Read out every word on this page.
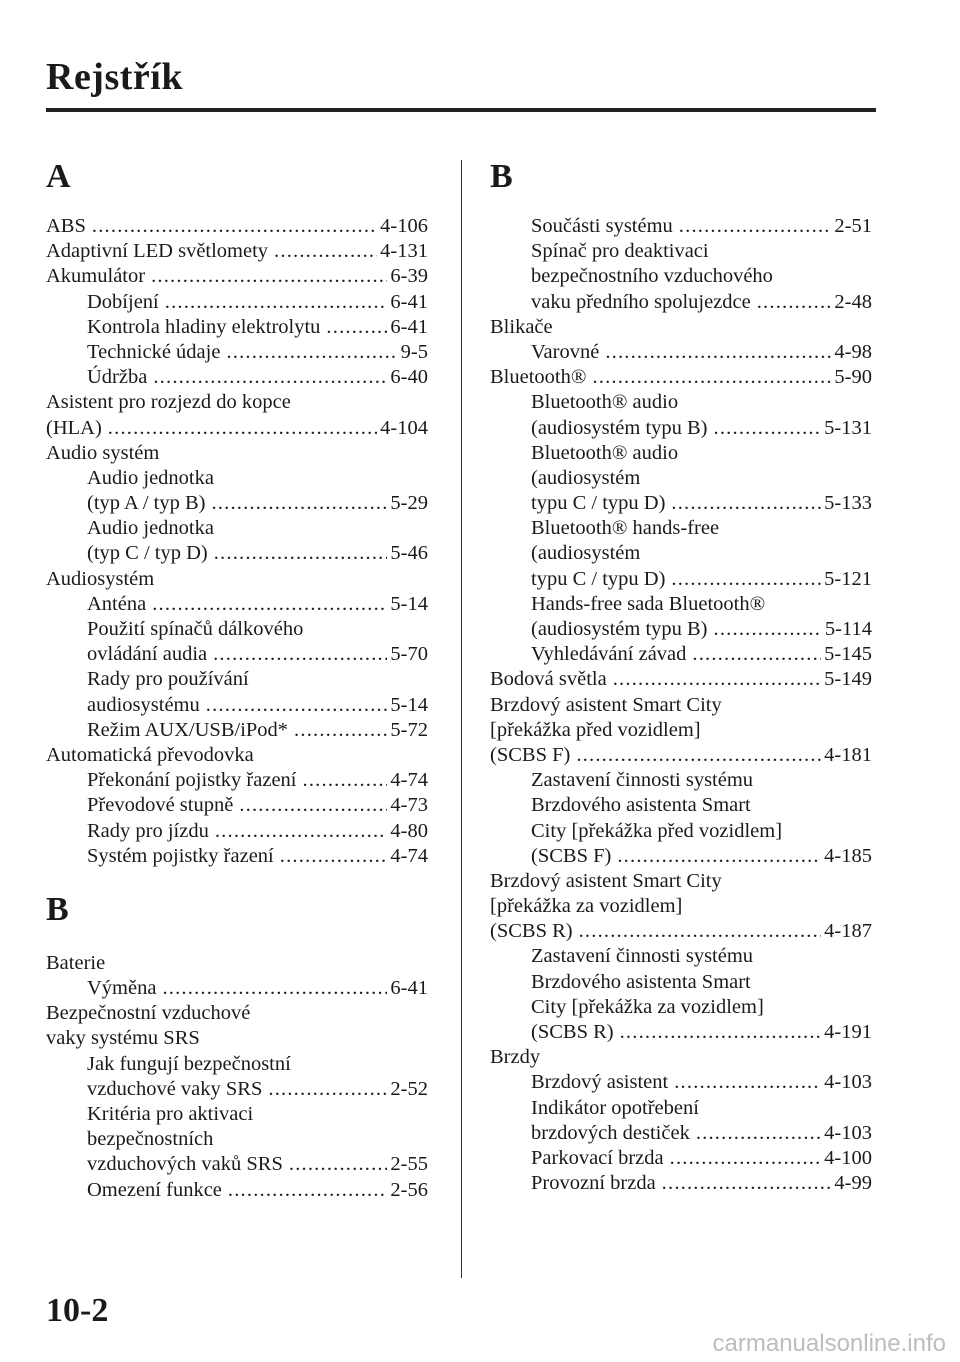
Rejstřík
A
ABS .....	4-106
Adaptivní LED světlomety .....	4-131
Akumulátor .....	6-39
Dobíjení .....	6-41
Kontrola hladiny elektrolytu .....	6-41
Technické údaje .....	9-5
Údržba .....	6-40
Asistent pro rozjezd do kopce
(HLA) .....	4-104
Audio systém
Audio jednotka
(typ A / typ B) .....	5-29
Audio jednotka
(typ C / typ D) .....	5-46
Audiosystém
Anténa .....	5-14
Použití spínačů dálkového
ovládání audia .....	5-70
Rady pro používání
audiosystému .....	5-14
Režim AUX/USB/iPod* .....	5-72
Automatická převodovka
Překonání pojistky řazení .....	4-74
Převodové stupně .....	4-73
Rady pro jízdu .....	4-80
Systém pojistky řazení .....	4-74
B
Baterie
Výměna .....	6-41
Bezpečnostní vzduchové
vaky systému SRS
Jak fungují bezpečnostní
vzduchové vaky SRS .....	2-52
Kritéria pro aktivaci
bezpečnostních
vzduchových vaků SRS .....	2-55
Omezení funkce .....	2-56
B
Součásti systému .....	2-51
Spínač pro deaktivaci
bezpečnostního vzduchového
vaku předního spolujezdce .....	2-48
Blikače
Varovné .....	4-98
Bluetooth® .....	5-90
Bluetooth® audio
(audiosystém typu B) .....	5-131
Bluetooth® audio
(audiosystém
typu C / typu D) .....	5-133
Bluetooth® hands-free
(audiosystém
typu C / typu D) .....	5-121
Hands-free sada Bluetooth®
(audiosystém typu B) .....	5-114
Vyhledávání závad .....	5-145
Bodová světla .....	5-149
Brzdový asistent Smart City
[překážka před vozidlem]
(SCBS F) .....	4-181
Zastavení činnosti systému
Brzdového asistenta Smart
City [překážka před vozidlem]
(SCBS F) .....	4-185
Brzdový asistent Smart City
[překážka za vozidlem]
(SCBS R) .....	4-187
Zastavení činnosti systému
Brzdového asistenta Smart
City [překážka za vozidlem]
(SCBS R) .....	4-191
Brzdy
Brzdový asistent .....	4-103
Indikátor opotřebení
brzdových destiček .....	4-103
Parkovací brzda .....	4-100
Provozní brzda .....	4-99
10-2
carmanualsonline.info
